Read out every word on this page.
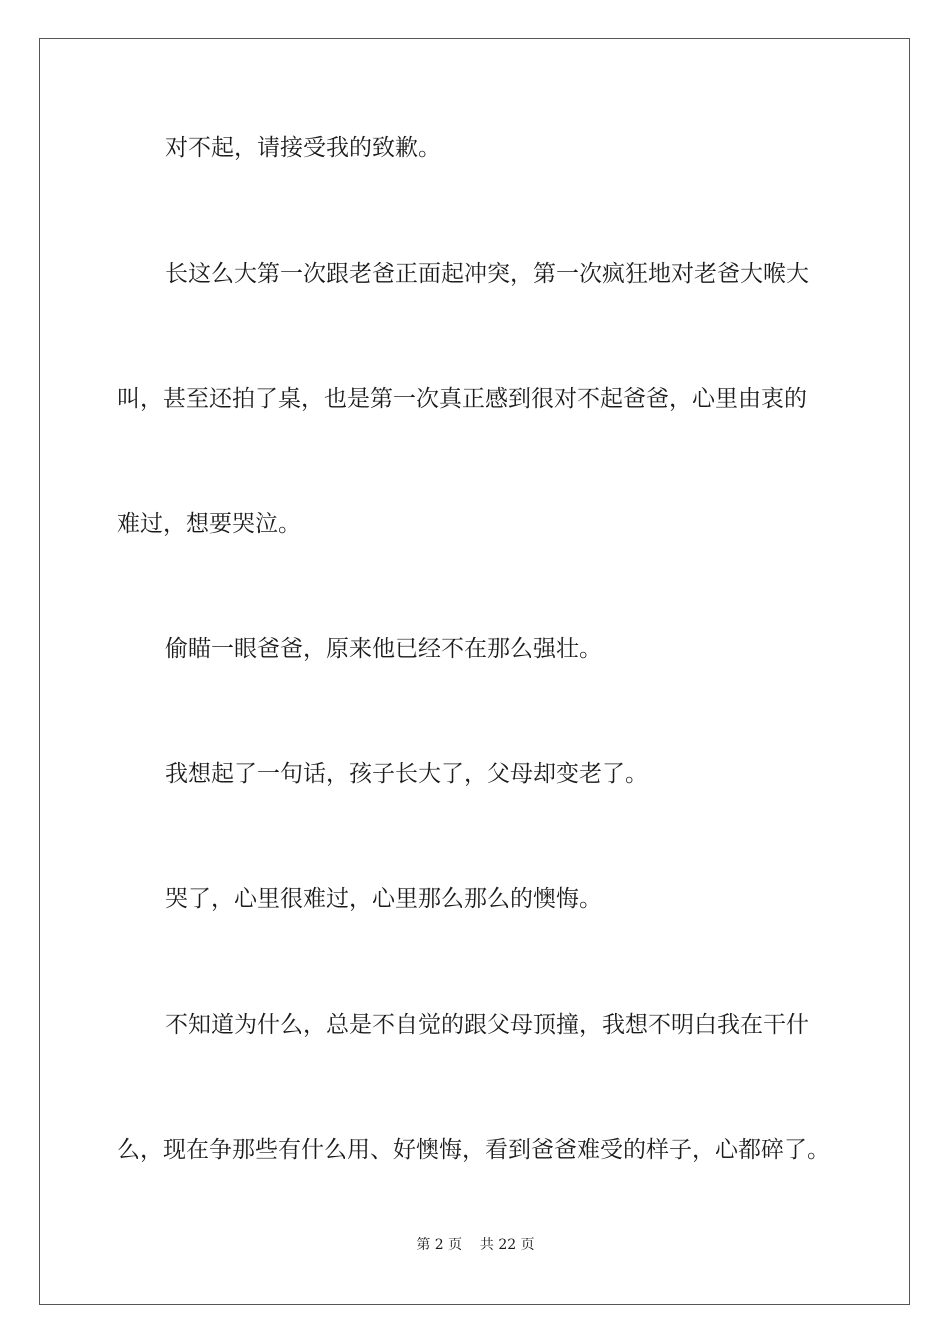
对不起，请接受我的致歉。
长这么大第一次跟老爸正面起冲突，第一次疯狂地对老爸大喉大
叫，甚至还拍了桌，也是第一次真正感到很对不起爸爸，心里由衷的
难过，想要哭泣。
偷瞄一眼爸爸，原来他已经不在那么强壮。
我想起了一句话，孩子长大了，父母却变老了。
哭了，心里很难过，心里那么那么的懊悔。
不知道为什么，总是不自觉的跟父母顶撞，我想不明白我在干什
么，现在争那些有什么用、好懊悔，看到爸爸难受的样子，心都碎了。
第 2 页    共 22 页
